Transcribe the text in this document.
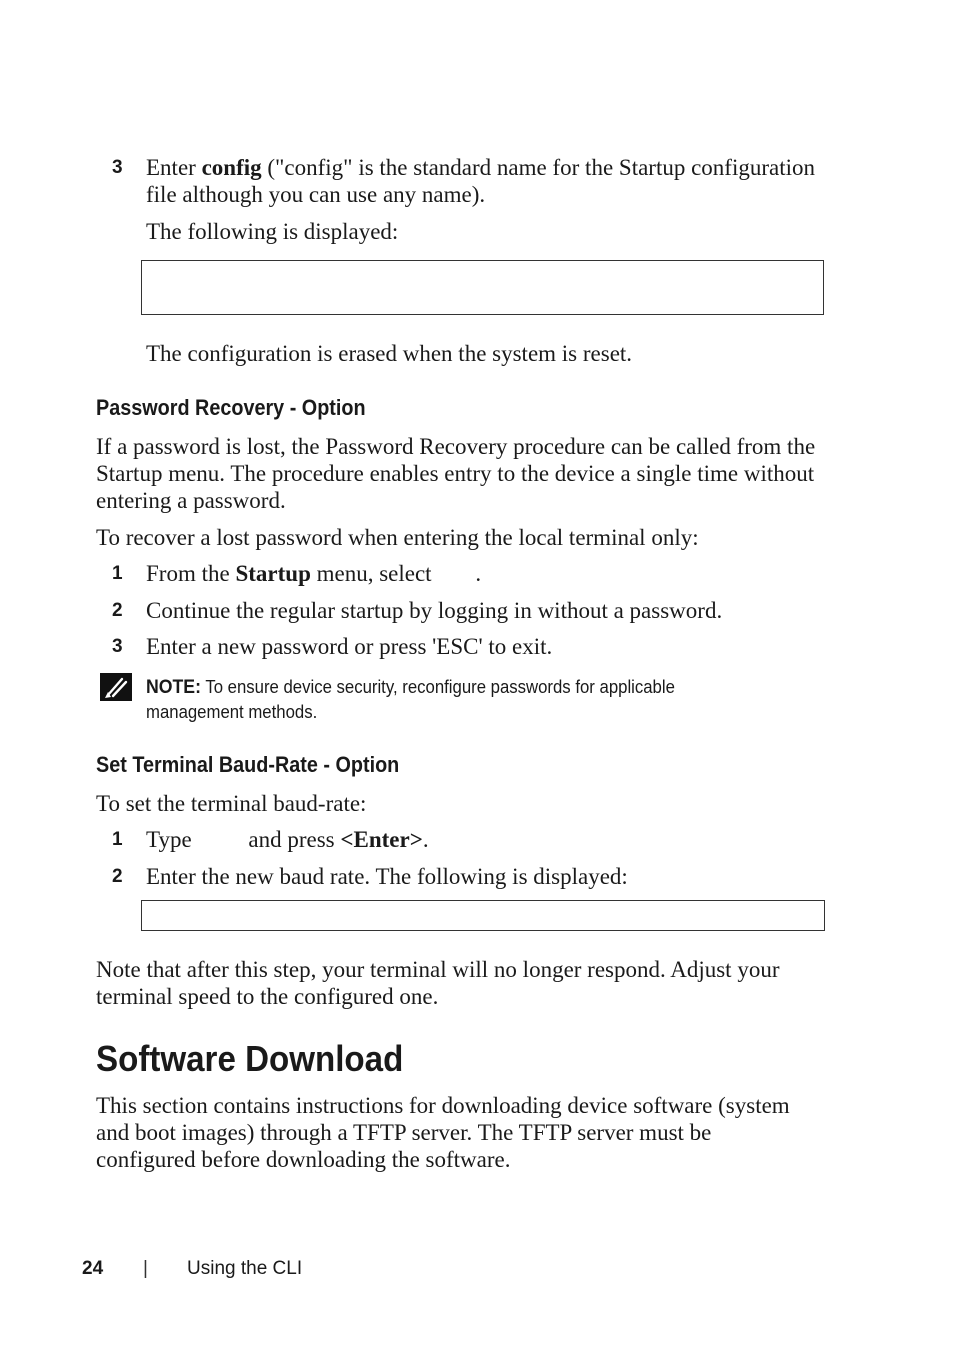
3	Enter config ("config" is the standard name for the Startup configuration file although you can use any name).
The following is displayed:
The configuration is erased when the system is reset.
Password Recovery - Option
If a password is lost, the Password Recovery procedure can be called from the Startup menu. The procedure enables entry to the device a single time without entering a password.
To recover a lost password when entering the local terminal only:
1	From the Startup menu, select .
2	Continue the regular startup by logging in without a password.
3	Enter a new password or press 'ESC' to exit.
NOTE: To ensure device security, reconfigure passwords for applicable management methods.
Set Terminal Baud-Rate - Option
To set the terminal baud-rate:
1	Type and press <Enter>.
2	Enter the new baud rate. The following is displayed:
Note that after this step, your terminal will no longer respond. Adjust your terminal speed to the configured one.
Software Download
This section contains instructions for downloading device software (system and boot images) through a TFTP server. The TFTP server must be configured before downloading the software.
24 | Using the CLI
